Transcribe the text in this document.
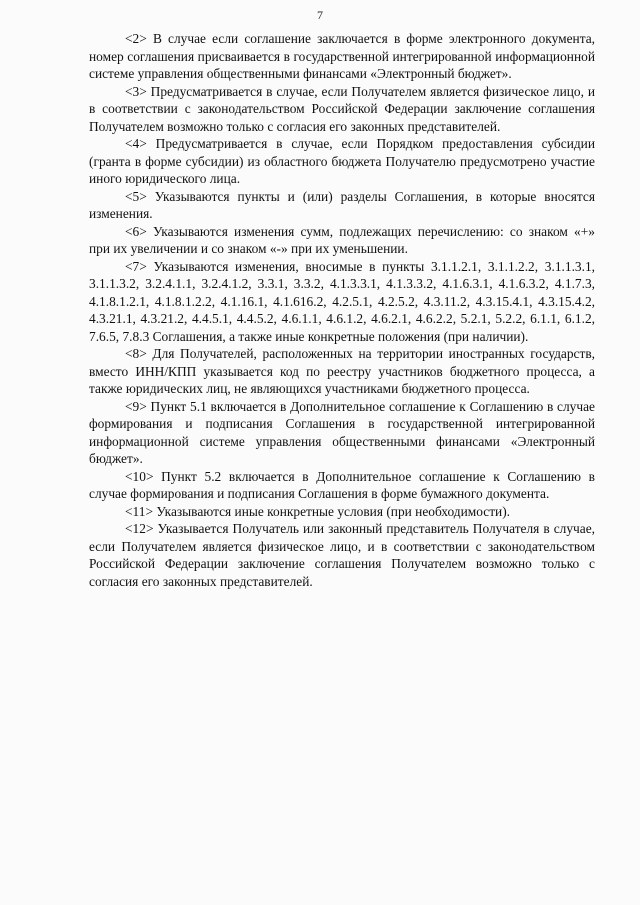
7

<2> В случае если соглашение заключается в форме электронного документа, номер соглашения присваивается в государственной интегрированной информационной системе управления общественными финансами «Электронный бюджет».

<3> Предусматривается в случае, если Получателем является физическое лицо, и в соответствии с законодательством Российской Федерации заключение соглашения Получателем возможно только с согласия его законных представителей.

<4> Предусматривается в случае, если Порядком предоставления субсидии (гранта в форме субсидии) из областного бюджета Получателю предусмотрено участие иного юридического лица.

<5> Указываются пункты и (или) разделы Соглашения, в которые вносятся изменения.

<6> Указываются изменения сумм, подлежащих перечислению: со знаком «+» при их увеличении и со знаком «-» при их уменьшении.

<7> Указываются изменения, вносимые в пункты 3.1.1.2.1, 3.1.1.2.2, 3.1.1.3.1, 3.1.1.3.2, 3.2.4.1.1, 3.2.4.1.2, 3.3.1, 3.3.2, 4.1.3.3.1, 4.1.3.3.2, 4.1.6.3.1, 4.1.6.3.2, 4.1.7.3, 4.1.8.1.2.1, 4.1.8.1.2.2, 4.1.16.1, 4.1.616.2, 4.2.5.1, 4.2.5.2, 4.3.11.2, 4.3.15.4.1, 4.3.15.4.2, 4.3.21.1, 4.3.21.2, 4.4.5.1, 4.4.5.2, 4.6.1.1, 4.6.1.2, 4.6.2.1, 4.6.2.2, 5.2.1, 5.2.2, 6.1.1, 6.1.2, 7.6.5, 7.8.3 Соглашения, а также иные конкретные положения (при наличии).

<8> Для Получателей, расположенных на территории иностранных государств, вместо ИНН/КПП указывается код по реестру участников бюджетного процесса, а также юридических лиц, не являющихся участниками бюджетного процесса.

<9> Пункт 5.1 включается в Дополнительное соглашение к Соглашению в случае формирования и подписания Соглашения в государственной интегрированной информационной системе управления общественными финансами «Электронный бюджет».

<10> Пункт 5.2 включается в Дополнительное соглашение к Соглашению в случае формирования и подписания Соглашения в форме бумажного документа.

<11> Указываются иные конкретные условия (при необходимости).

<12> Указывается Получатель или законный представитель Получателя в случае, если Получателем является физическое лицо, и в соответствии с законодательством Российской Федерации заключение соглашения Получателем возможно только с согласия его законных представителей.
